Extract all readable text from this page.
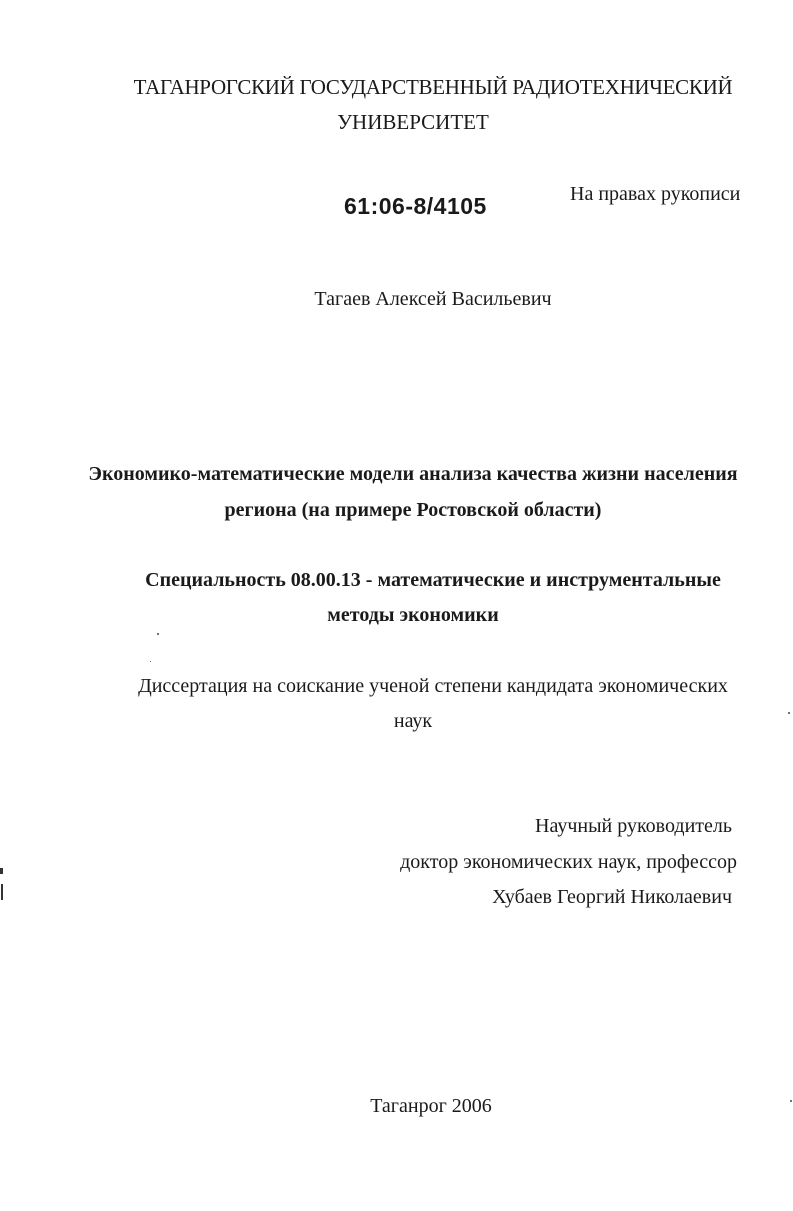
ТАГАНРОГСКИЙ ГОСУДАРСТВЕННЫЙ РАДИОТЕХНИЧЕСКИЙ
УНИВЕРСИТЕТ
61:06-8/4105	На правах рукописи
Тагаев Алексей Васильевич
Экономико-математические модели анализа качества жизни населения
региона (на примере Ростовской области)
Специальность 08.00.13 - математические и инструментальные
методы экономики
Диссертация на соискание ученой степени кандидата экономических
наук
Научный руководитель
доктор экономических наук, профессор
Хубаев Георгий Николаевич
Таганрог 2006
